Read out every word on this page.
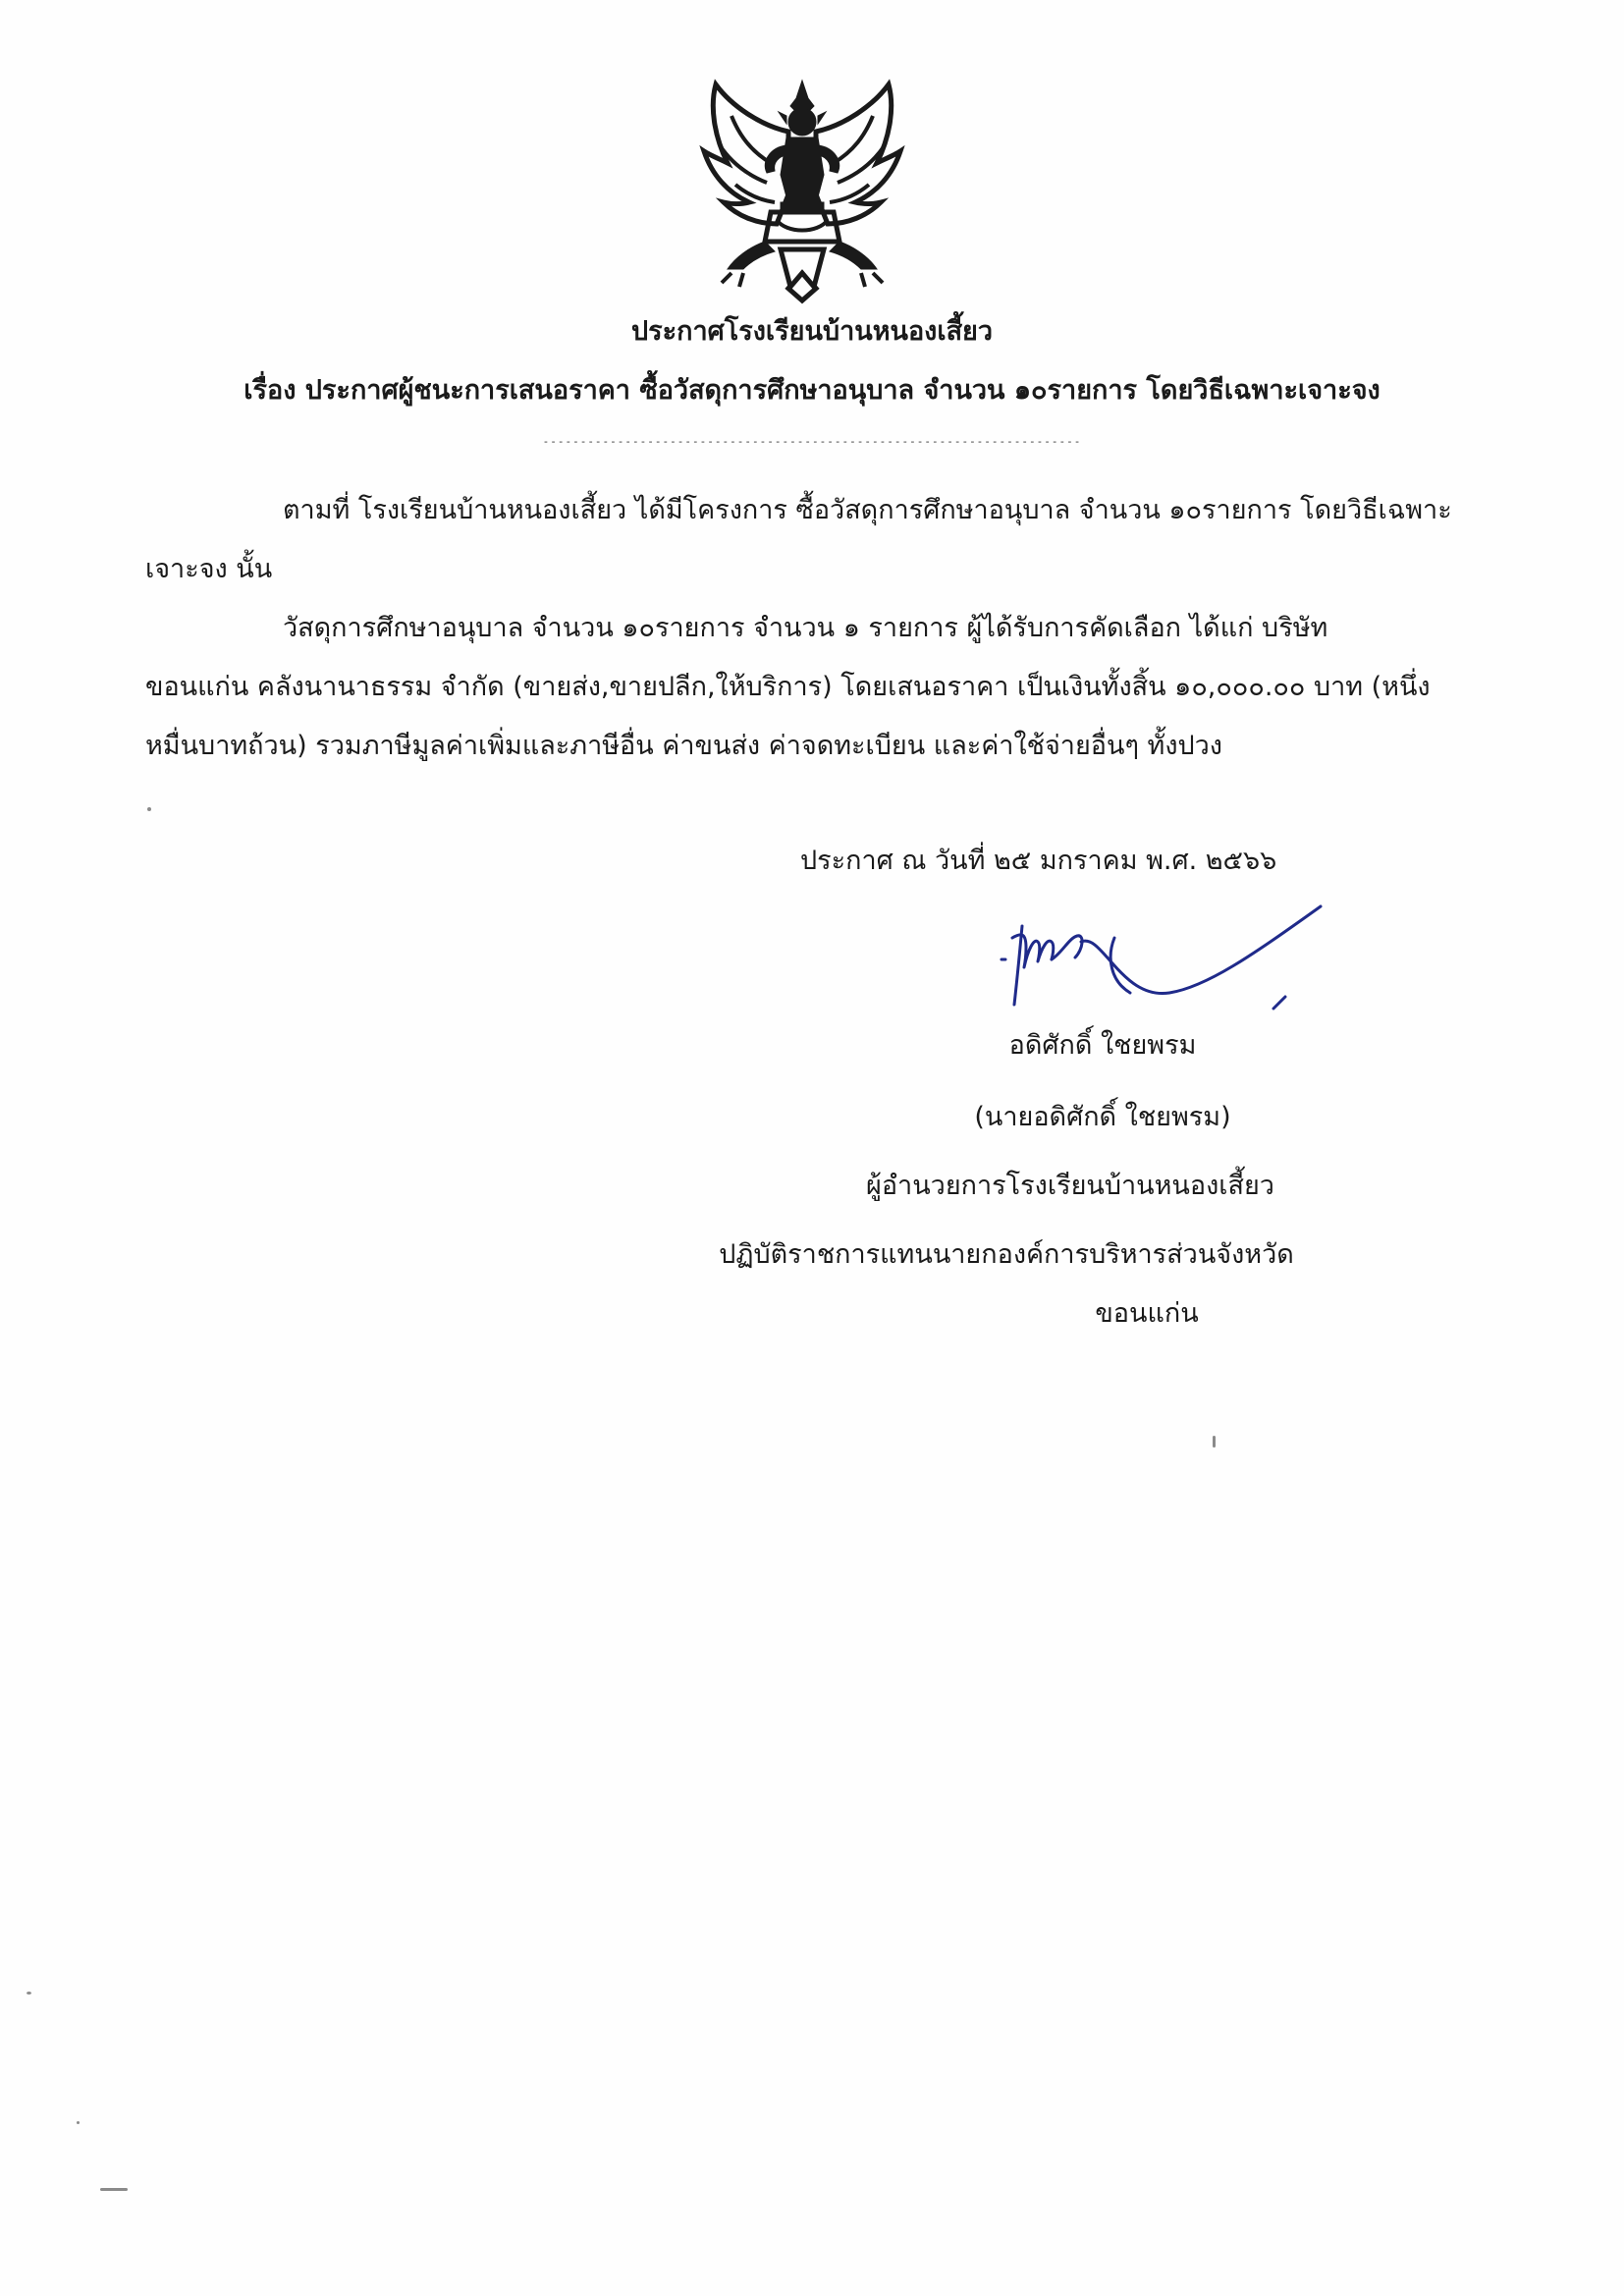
ประกาศโรงเรียนบ้านหนองเสี้ยว
เรื่อง ประกาศผู้ชนะการเสนอราคา ซื้อวัสดุการศึกษาอนุบาล จำนวน ๑๐รายการ โดยวิธีเฉพาะเจาะจง
------------------------------------------------------------------------
ตามที่ โรงเรียนบ้านหนองเสี้ยว ได้มีโครงการ ซื้อวัสดุการศึกษาอนุบาล จำนวน ๑๐รายการ โดยวิธีเฉพาะ
เจาะจง นั้น
วัสดุการศึกษาอนุบาล จำนวน ๑๐รายการ จำนวน ๑ รายการ ผู้ได้รับการคัดเลือก ได้แก่ บริษัท
ขอนแก่น คลังนานาธรรม จำกัด (ขายส่ง,ขายปลีก,ให้บริการ) โดยเสนอราคา เป็นเงินทั้งสิ้น ๑๐,๐๐๐.๐๐ บาท (หนึ่ง
หมื่นบาทถ้วน) รวมภาษีมูลค่าเพิ่มและภาษีอื่น ค่าขนส่ง ค่าจดทะเบียน และค่าใช้จ่ายอื่นๆ ทั้งปวง
ประกาศ ณ วันที่ ๒๕ มกราคม พ.ศ. ๒๕๖๖
อดิศักดิ์ ใชยพรม
(นายอดิศักดิ์ ใชยพรม)
ผู้อำนวยการโรงเรียนบ้านหนองเสี้ยว
ปฏิบัติราชการแทนนายกองค์การบริหารส่วนจังหวัด
ขอนแก่น
